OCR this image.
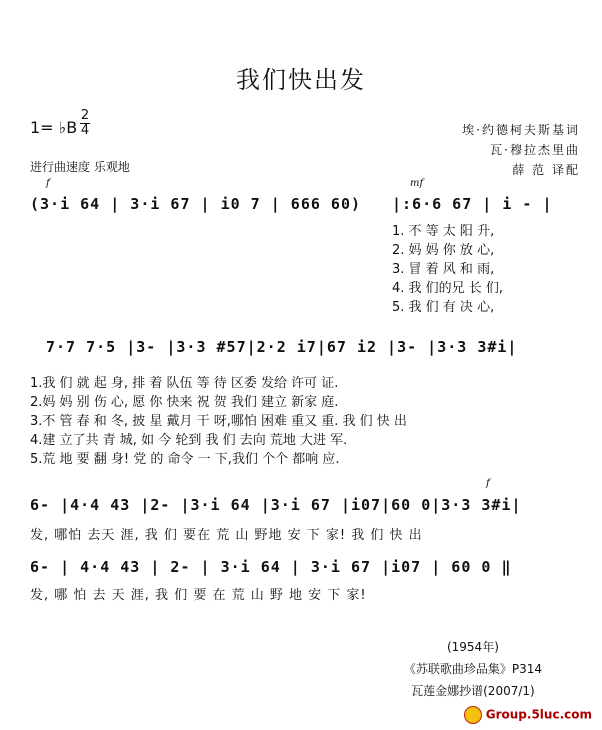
我们快出发
1= ♭B
2
4
进行曲速度 乐观地
埃·约德柯夫斯基词
瓦·穆拉杰里曲
薛 范 译配
f	mf
(3·i 64 | 3·i 67 | i0 7 | 666 60) |:6·6 67 | i - |
1. 不 等 太 阳 升,
2. 妈 妈 你 放 心,
3. 冒 着 风 和 雨,
4. 我 们的兄 长 们,
5. 我 们 有 决 心,
7·7 7·5 |3- |3·3 #57|2·2 i7|67 i2 |3- |3·3 3#i|
1.我 们 就 起 身, 排 着 队伍 等 待 区委 发给 许可 证.
2.妈 妈 别 伤 心, 愿 你 快来 祝 贺 我们 建立 新家 庭.
3.不 管 春 和 冬, 披 星 戴月 干 呀,哪怕 困难 重又 重. 我 们 快 出
4.建 立了共 青 城, 如 今 轮到 我 们 去向 荒地 大进 军.
5.荒 地 要 翻 身! 党 的 命令 一 下,我们 个个 都响 应.
f
6- |4·4 43 |2- |3·i 64 |3·i 67 |i07|60 0|3·3 3#i|
发, 哪怕 去天 涯, 我 们 要在 荒 山 野地 安 下 家! 我 们 快 出
6- | 4·4 43 | 2- | 3·i 64 | 3·i 67 |i07 | 60 0 ‖
发, 哪 怕 去 天 涯, 我 们 要 在 荒 山 野 地 安 下 家!
(1954年)
《苏联歌曲珍品集》P314
瓦莲金娜抄谱(2007/1)
Group.5luc.com
